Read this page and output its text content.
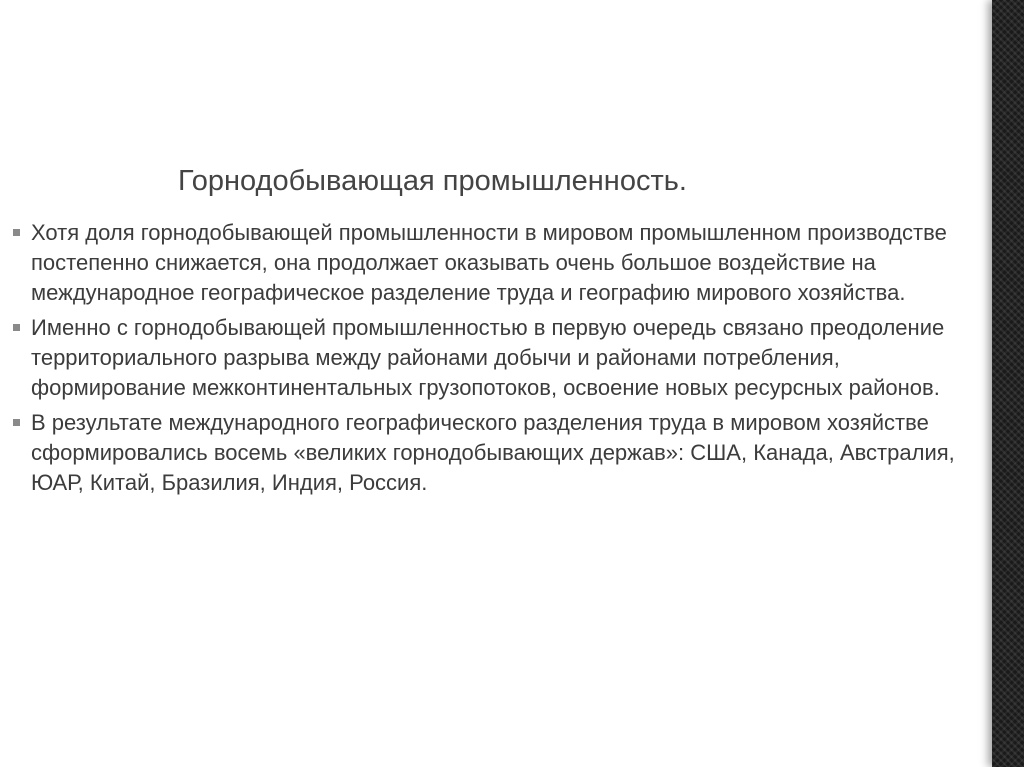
Горнодобывающая промышленность.
Хотя доля горнодобывающей промышленности в мировом промышленном производстве постепенно снижается, она продолжает оказывать очень большое воздействие на международное географическое разделение труда и географию мирового хозяйства.
Именно с горнодобывающей промышленностью в первую очередь связано преодоление территориального разрыва между районами добычи и районами потребления, формирование межконтинентальных грузопотоков, освоение новых ресурсных районов.
В результате международного географического разделения труда в мировом хозяйстве сформировались восемь «великих горнодобывающих держав»: США, Канада, Австралия, ЮАР, Китай, Бразилия, Индия, Россия.
